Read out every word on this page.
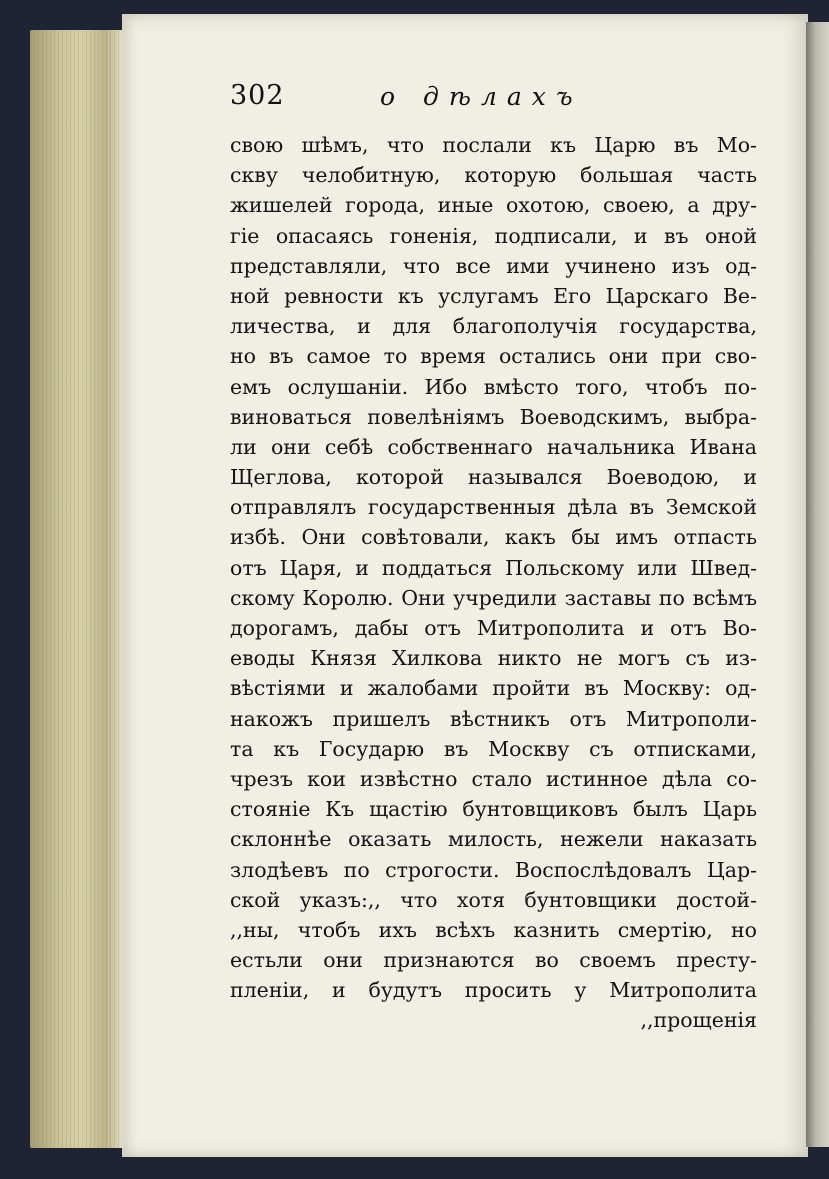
302	о дѣлахъ
свою шѣмъ, что послали къ Царю въ Мо-
скву челобитную, которую большая часть
жишелей города, иные охотою, своею, а дру-
гіе опасаясь гоненія, подписали, и въ оной
представляли, что все ими учинено изъ од-
ной ревности къ услугамъ Его Царскаго Ве-
личества, и для благополучія государства,
но въ самое то время остались они при сво-
емъ ослушаніи. Ибо вмѣсто того, чтобъ по-
виноваться повелѣніямъ Воеводскимъ, выбра-
ли они себѣ собственнаго начальника Ивана
Щеглова, которой назывался Воеводою, и
отправлялъ государственныя дѣла въ Земской
избѣ. Они совѣтовали, какъ бы имъ отпасть
отъ Царя, и поддаться Польскому или Швед-
скому Королю. Они учредили заставы по всѣмъ
дорогамъ, дабы отъ Митрополита и отъ Во-
еводы Князя Хилкова никто не могъ съ из-
вѣстіями и жалобами пройти въ Москву: од-
накожъ пришелъ вѣстникъ отъ Митрополи-
та къ Государю въ Москву съ отписками,
чрезъ кои извѣстно стало истинное дѣла со-
стояніе Къ щастію бунтовщиковъ былъ Царь
склоннѣе оказать милость, нежели наказать
злодѣевъ по строгости. Воспослѣдовалъ Цар-
ской указъ:,, что хотя бунтовщики достой-
,,ны, чтобъ ихъ всѣхъ казнить смертію, но
естьли они признаются во своемъ престу-
пленіи, и будутъ просить у Митрополита
,,прощенія
